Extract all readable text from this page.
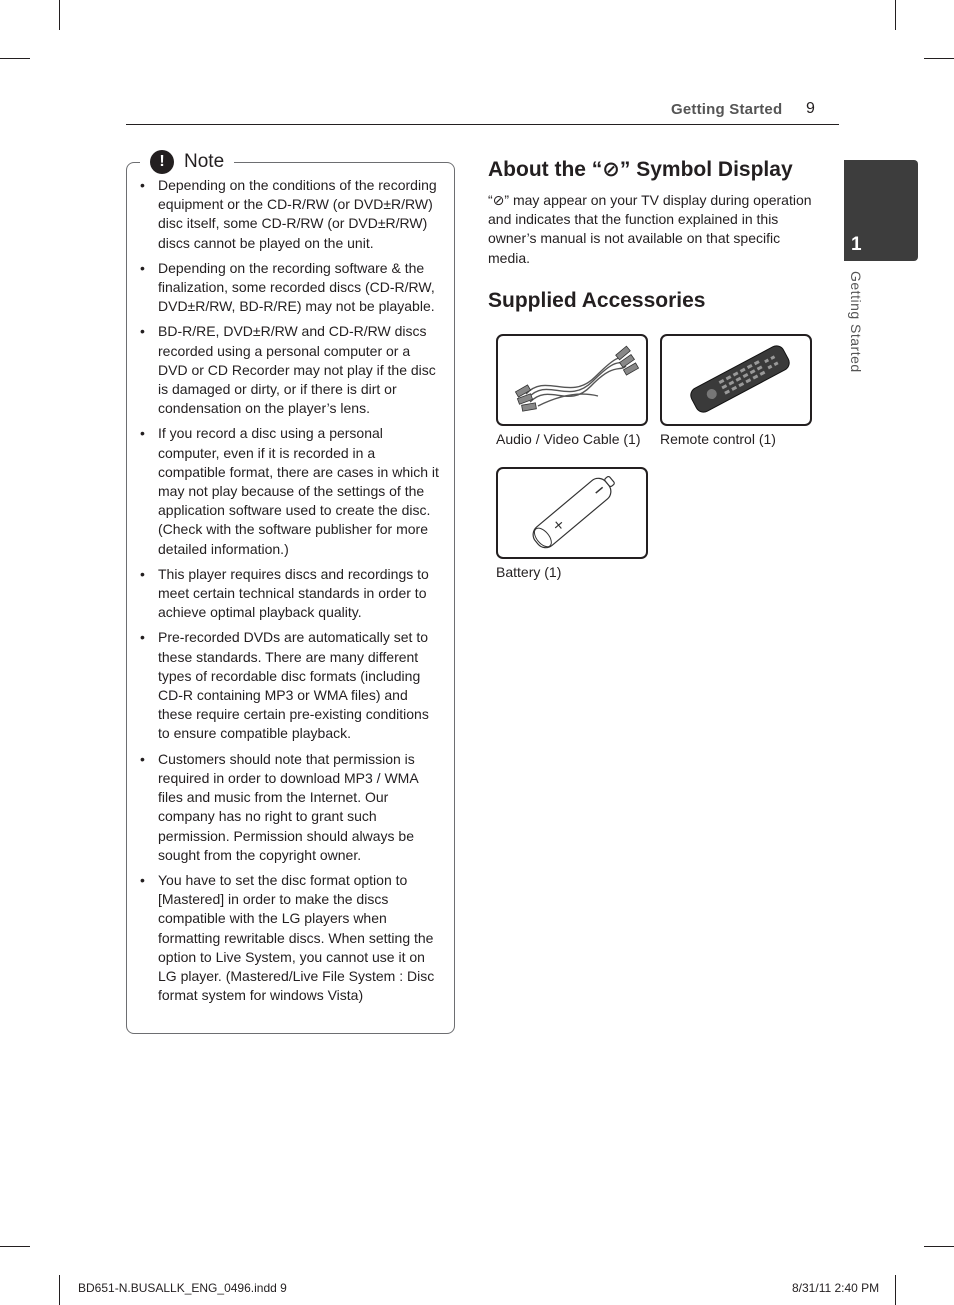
Getting Started 9
!	Note
• Depending on the conditions of the recording equipment or the CD-R/RW (or DVD±R/RW) disc itself, some CD-R/RW (or DVD±R/RW) discs cannot be played on the unit.
• Depending on the recording software & the finalization, some recorded discs (CD-R/RW, DVD±R/RW, BD-R/RE) may not be playable.
• BD-R/RE, DVD±R/RW and CD-R/RW discs recorded using a personal computer or a DVD or CD Recorder may not play if the disc is damaged or dirty, or if there is dirt or condensation on the player’s lens.
• If you record a disc using a personal computer, even if it is recorded in a compatible format, there are cases in which it may not play because of the settings of the application software used to create the disc. (Check with the software publisher for more detailed information.)
• This player requires discs and recordings to meet certain technical standards in order to achieve optimal playback quality.
• Pre-recorded DVDs are automatically set to these standards. There are many different types of recordable disc formats (including CD-R containing MP3 or WMA files) and these require certain pre-existing conditions to ensure compatible playback.
• Customers should note that permission is required in order to download MP3 / WMA files and music from the Internet. Our company has no right to grant such permission. Permission should always be sought from the copyright owner.
• You have to set the disc format option to [Mastered] in order to make the discs compatible with the LG players when formatting rewritable discs. When setting the option to Live System, you cannot use it on LG player. (Mastered/Live File System : Disc format system for windows Vista)
About the “⊘” Symbol Display

“⊘” may appear on your TV display during operation and indicates that the function explained in this owner’s manual is not available on that specific media.

Supplied Accessories
Audio / Video Cable (1) Remote control (1)
+
Battery (1)
1
Getting Started
BD651-N.BUSALLK_ENG_0496.indd 9	8/31/11 2:40 PM
